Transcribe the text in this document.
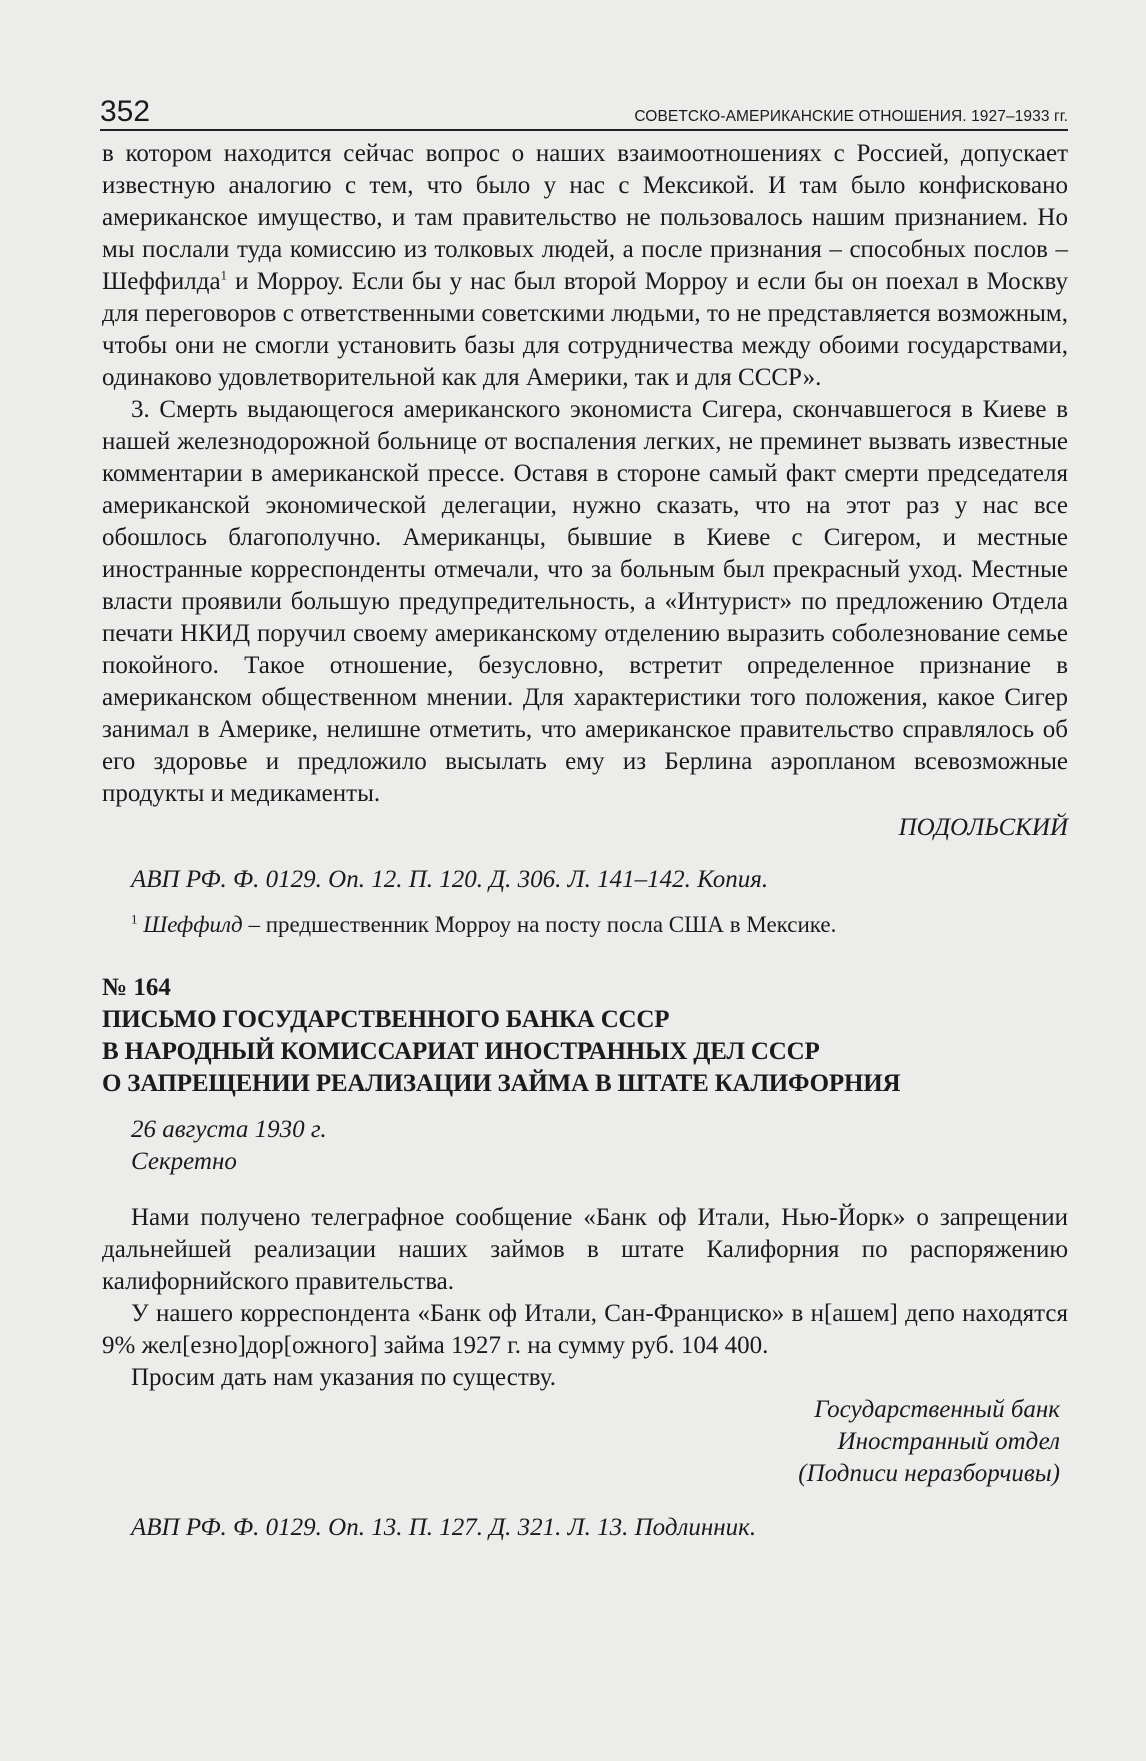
352	СОВЕТСКО-АМЕРИКАНСКИЕ ОТНОШЕНИЯ. 1927–1933 гг.

в котором находится сейчас вопрос о наших взаимоотношениях с Россией, допускает известную аналогию с тем, что было у нас с Мексикой. И там было конфисковано американское имущество, и там правительство не пользовалось нашим признанием. Но мы послали туда комиссию из толковых людей, а после признания – способных послов – Шеффилда$^1$ и Морроу. Если бы у нас был второй Морроу и если бы он поехал в Москву для переговоров с ответственными советскими людьми, то не представляется возможным, чтобы они не смогли установить базы для сотрудничества между обоими государствами, одинаково удовлетворительной как для Америки, так и для СССР».

3. Смерть выдающегося американского экономиста Сигера, скончавшегося в Киеве в нашей железнодорожной больнице от воспаления легких, не преминет вызвать известные комментарии в американской прессе. Оставя в стороне самый факт смерти председателя американской экономической делегации, нужно сказать, что на этот раз у нас все обошлось благополучно. Американцы, бывшие в Киеве с Сигером, и местные иностранные корреспонденты отмечали, что за больным был прекрасный уход. Местные власти проявили большую предупредительность, а «Интурист» по предложению Отдела печати НКИД поручил своему американскому отделению выразить соболезнование семье покойного. Такое отношение, безусловно, встретит определенное признание в американском общественном мнении. Для характеристики того положения, какое Сигер занимал в Америке, нелишне отметить, что американское правительство справлялось об его здоровье и предложило высылать ему из Берлина аэропланом всевозможные продукты и медикаменты.

ПОДОЛЬСКИЙ

АВП РФ. Ф. 0129. Оп. 12. П. 120. Д. 306. Л. 141–142. Копия.

$^1$ Шеффилд – предшественник Морроу на посту посла США в Мексике.

№ 164

ПИСЬМО ГОСУДАРСТВЕННОГО БАНКА СССР
В НАРОДНЫЙ КОМИССАРИАТ ИНОСТРАННЫХ ДЕЛ СССР
О ЗАПРЕЩЕНИИ РЕАЛИЗАЦИИ ЗАЙМА В ШТАТЕ КАЛИФОРНИЯ

26 августа 1930 г.

Секретно

Нами получено телеграфное сообщение «Банк оф Итали, Нью-Йорк» о запрещении дальнейшей реализации наших займов в штате Калифорния по распоряжению калифорнийского правительства.

У нашего корреспондента «Банк оф Итали, Сан-Франциско» в н[ашем] депо находятся 9% жел[езно]дор[ожного] займа 1927 г. на сумму руб. 104 400.

Просим дать нам указания по существу.

Государственный банк
Иностранный отдел
(Подписи неразборчивы)

АВП РФ. Ф. 0129. Оп. 13. П. 127. Д. 321. Л. 13. Подлинник.
